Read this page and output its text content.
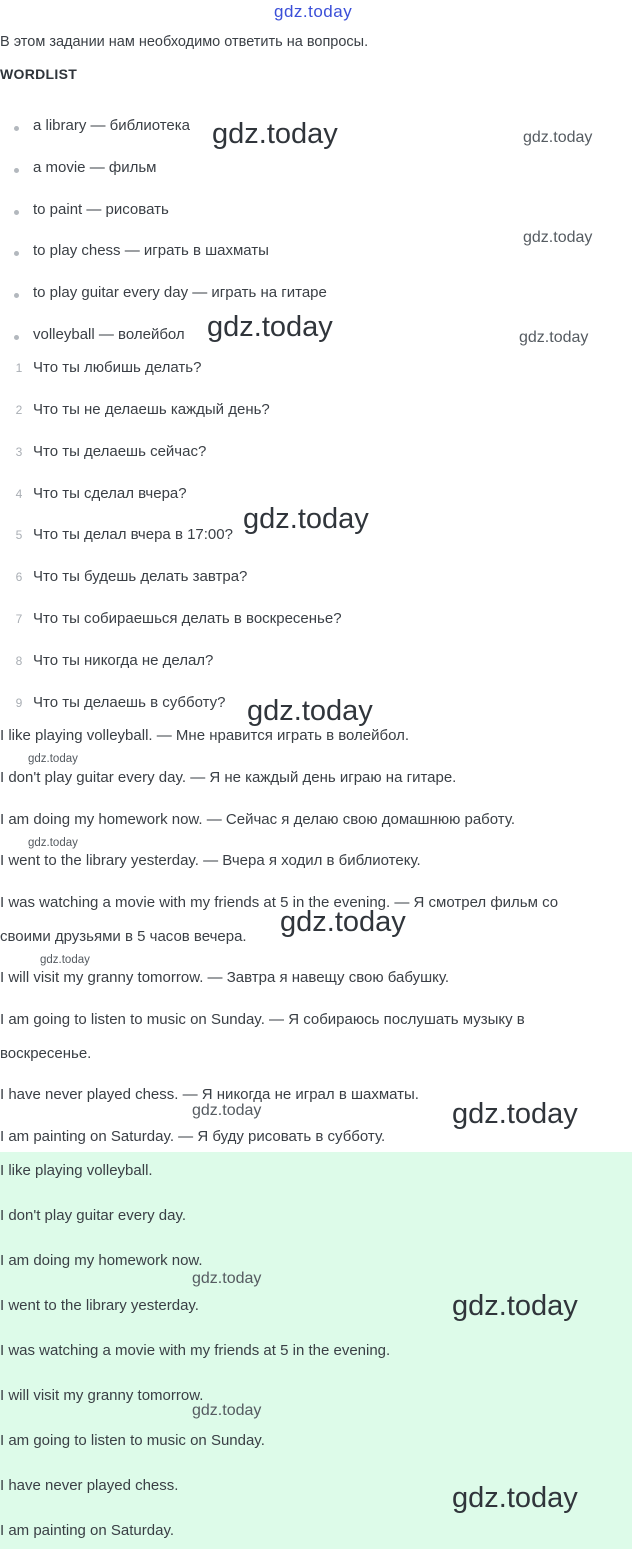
gdz.today
В этом задании нам необходимо ответить на вопросы.
WORDLIST
a library — библиотека
a movie — фильм
to paint — рисовать
to play chess — играть в шахматы
to play guitar every day — играть на гитаре
volleyball — волейбол
1 Что ты любишь делать?
2 Что ты не делаешь каждый день?
3 Что ты делаешь сейчас?
4 Что ты сделал вчера?
5 Что ты делал вчера в 17:00?
6 Что ты будешь делать завтра?
7 Что ты собираешься делать в воскресенье?
8 Что ты никогда не делал?
9 Что ты делаешь в субботу?
I like playing volleyball. — Мне нравится играть в волейбол.
I don't play guitar every day. — Я не каждый день играю на гитаре.
I am doing my homework now. — Сейчас я делаю свою домашнюю работу.
I went to the library yesterday. — Вчера я ходил в библиотеку.
I was watching a movie with my friends at 5 in the evening. — Я смотрел фильм со
своими друзьями в 5 часов вечера.
I will visit my granny tomorrow. — Завтра я навещу свою бабушку.
I am going to listen to music on Sunday. — Я собираюсь послушать музыку в
воскресенье.
I have never played chess. — Я никогда не играл в шахматы.
I am painting on Saturday. — Я буду рисовать в субботу.
I like playing volleyball.
I don't play guitar every day.
I am doing my homework now.
I went to the library yesterday.
I was watching a movie with my friends at 5 in the evening.
I will visit my granny tomorrow.
I am going to listen to music on Sunday.
I have never played chess.
I am painting on Saturday.
gdz.today	gdz.today
gdz.today
gdz.today	gdz.today
gdz.today
gdz.today
gdz.today
gdz.today
gdz.today
gdz.today
gdz.today	gdz.today
gdz.today
gdz.today
gdz.today
gdz.today
